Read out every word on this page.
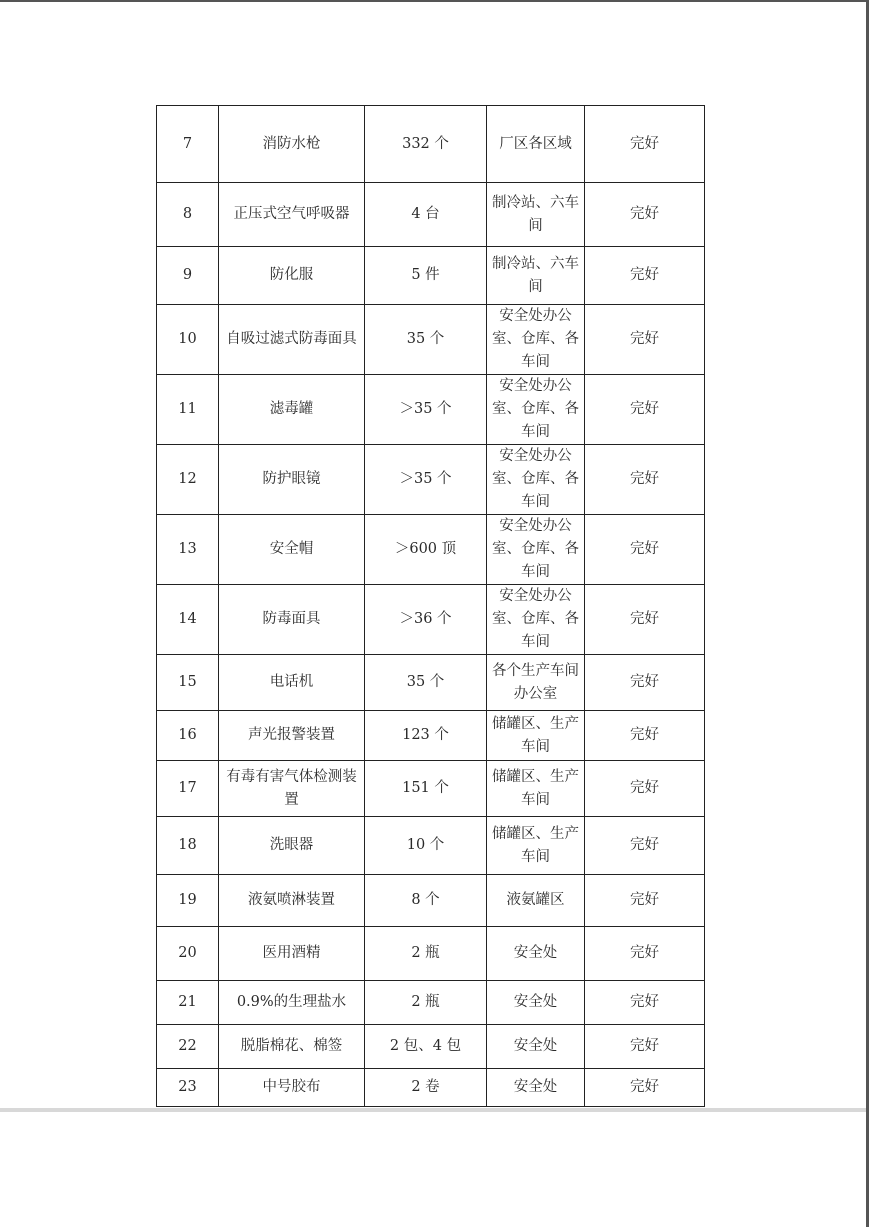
7	消防水枪	332 个	厂区各区域	完好
8	正压式空气呼吸器	4 台	制冷站、六车间	完好
9	防化服	5 件	制冷站、六车间	完好
10	自吸过滤式防毒面具	35 个	安全处办公室、仓库、各车间	完好
11	滤毒罐	＞35 个	安全处办公室、仓库、各车间	完好
12	防护眼镜	＞35 个	安全处办公室、仓库、各车间	完好
13	安全帽	＞600 顶	安全处办公室、仓库、各车间	完好
14	防毒面具	＞36 个	安全处办公室、仓库、各车间	完好
15	电话机	35 个	各个生产车间办公室	完好
16	声光报警装置	123 个	储罐区、生产车间	完好
17	有毒有害气体检测装置	151 个	储罐区、生产车间	完好
18	洗眼器	10 个	储罐区、生产车间	完好
19	液氨喷淋装置	8 个	液氨罐区	完好
20	医用酒精	2 瓶	安全处	完好
21	0.9%的生理盐水	2 瓶	安全处	完好
22	脱脂棉花、棉签	2 包、4 包	安全处	完好
23	中号胶布	2 卷	安全处	完好
